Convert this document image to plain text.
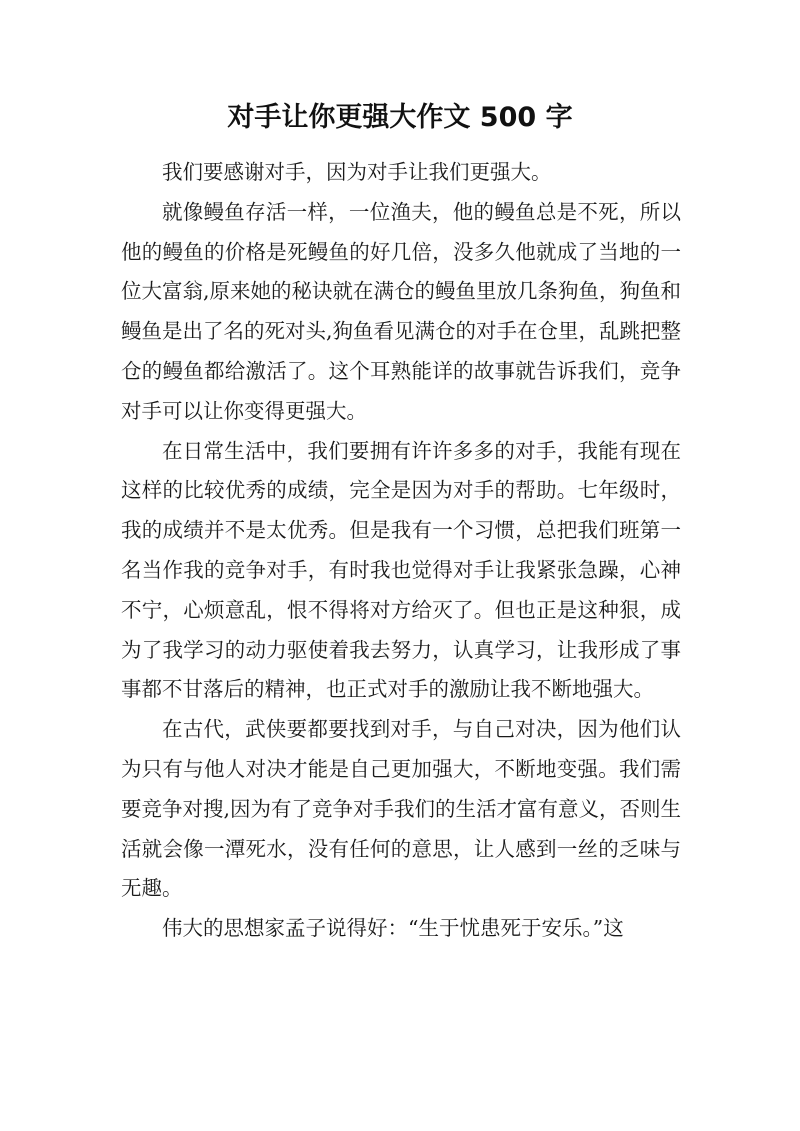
对手让你更强大作文 500 字

我们要感谢对手，因为对手让我们更强大。

就像鳗鱼存活一样，一位渔夫，他的鳗鱼总是不死，所以他的鳗鱼的价格是死鳗鱼的好几倍，没多久他就成了当地的一位大富翁,原来她的秘诀就在满仓的鳗鱼里放几条狗鱼，狗鱼和鳗鱼是出了名的死对头,狗鱼看见满仓的对手在仓里，乱跳把整仓的鳗鱼都给激活了。这个耳熟能详的故事就告诉我们，竞争对手可以让你变得更强大。

在日常生活中，我们要拥有许许多多的对手，我能有现在这样的比较优秀的成绩，完全是因为对手的帮助。七年级时，我的成绩并不是太优秀。但是我有一个习惯，总把我们班第一名当作我的竞争对手，有时我也觉得对手让我紧张急躁，心神不宁，心烦意乱，恨不得将对方给灭了。但也正是这种狠，成为了我学习的动力驱使着我去努力，认真学习，让我形成了事事都不甘落后的精神，也正式对手的激励让我不断地强大。

在古代，武侠要都要找到对手，与自己对决，因为他们认为只有与他人对决才能是自己更加强大，不断地变强。我们需要竞争对搜,因为有了竞争对手我们的生活才富有意义，否则生活就会像一潭死水，没有任何的意思，让人感到一丝的乏味与无趣。

伟大的思想家孟子说得好：“生于忧患死于安乐。”这
